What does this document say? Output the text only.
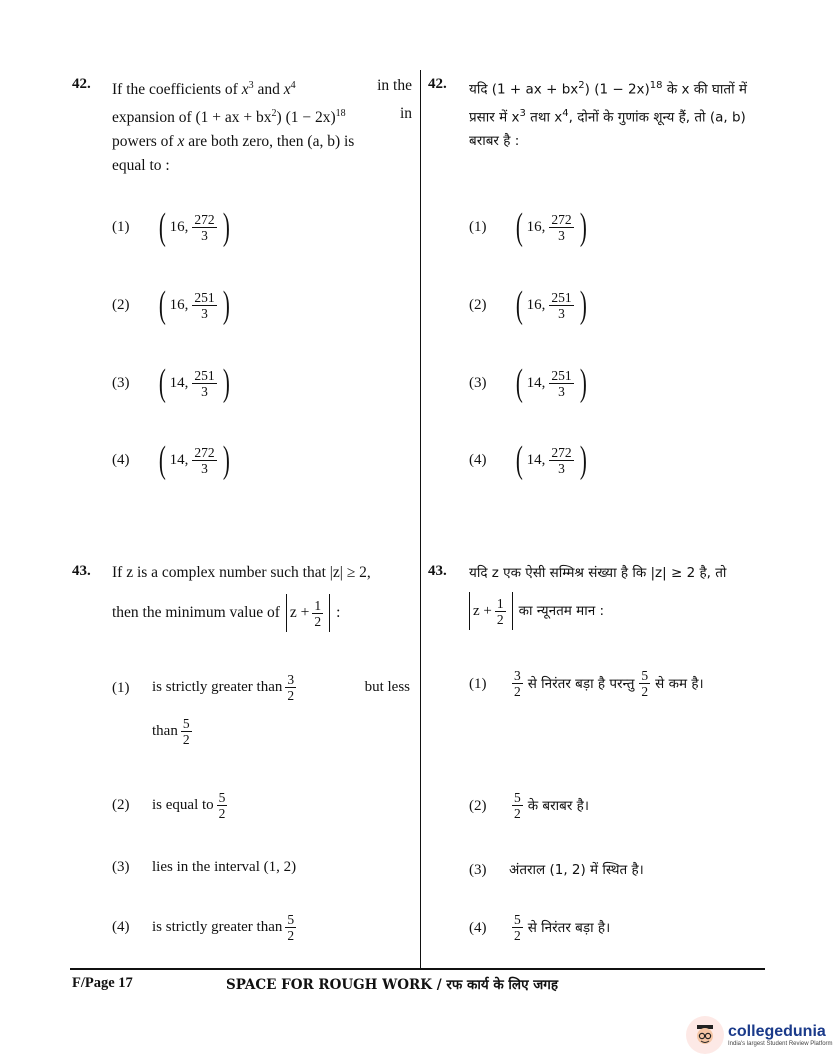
42. If the coefficients of $x^3$ and $x^4$	in the
expansion of (1 + ax + $bx^2$) $(1 - 2x)^{18}$	in
powers of x are both zero, then (a, b) is
equal to :
(1) ( 16, $\frac{272}{3}$ )
(2) ( 16, $\frac{251}{3}$ )
(3) ( 14, $\frac{251}{3}$ )
(4) ( 14, $\frac{272}{3}$ )
42. यदि (1 + ax + $bx^2$) $(1 - 2x)^{18}$ के x की घातों में
प्रसार में $x^3$ तथा $x^4$, दोनों के गुणांक शून्य हैं, तो (a, b)
बराबर है :
(1) ( 16, $\frac{272}{3}$ )
(2) ( 16, $\frac{251}{3}$ )
(3) ( 14, $\frac{251}{3}$ )
(4) ( 14, $\frac{272}{3}$ )
43. If z is a complex number such that |z| ≥ 2,
then the minimum value of $z + \frac{1}{2}$ :
(1) is strictly greater than $\frac{3}{2}$	but less
than $\frac{5}{2}$
(2)	is equal to $\frac{5}{2}$
(3)	lies in the interval (1, 2)
(4)	is strictly greater than $\frac{5}{2}$
43. यदि z एक ऐसी सम्मिश्र संख्या है कि |z| ≥ 2 है, तो
$z + \frac{1}{2}$ का न्यूनतम मान :
(1)	$\frac{3}{2}$ से निरंतर बड़ा है परन्तु $\frac{5}{2}$ से कम है।
(2)	$\frac{5}{2}$ के बराबर है।
(3)	अंतराल (1, 2) में स्थित है।
(4)	$\frac{5}{2}$ से निरंतर बड़ा है।
F/Page 17	SPACE FOR ROUGH WORK / रफ कार्य के लिए जगह
collegedunia
India's largest Student Review Platform
